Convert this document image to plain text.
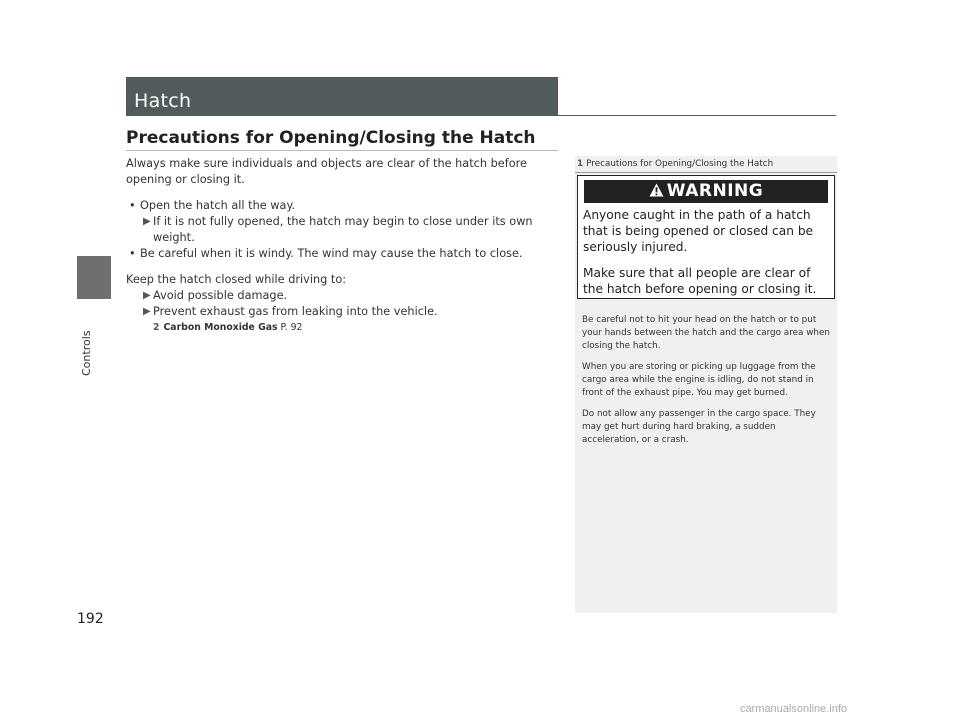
Controls
192
Hatch
Precautions for Opening/Closing the Hatch

Always make sure individuals and objects are clear of the hatch before opening or closing it.

• Open the hatch all the way.
▶ If it is not fully opened, the hatch may begin to close under its own weight.
• Be careful when it is windy. The wind may cause the hatch to close.

Keep the hatch closed while driving to:

▶ Avoid possible damage.
▶ Prevent exhaust gas from leaking into the vehicle.
2 Carbon Monoxide Gas P. 92
1 Precautions for Opening/Closing the Hatch
WARNING

Anyone caught in the path of a hatch that is being opened or closed can be seriously injured.

Make sure that all people are clear of the hatch before opening or closing it.

Be careful not to hit your head on the hatch or to put your hands between the hatch and the cargo area when closing the hatch.

When you are storing or picking up luggage from the cargo area while the engine is idling, do not stand in front of the exhaust pipe. You may get burned.

Do not allow any passenger in the cargo space. They may get hurt during hard braking, a sudden acceleration, or a crash.

carmanualsonline.info
